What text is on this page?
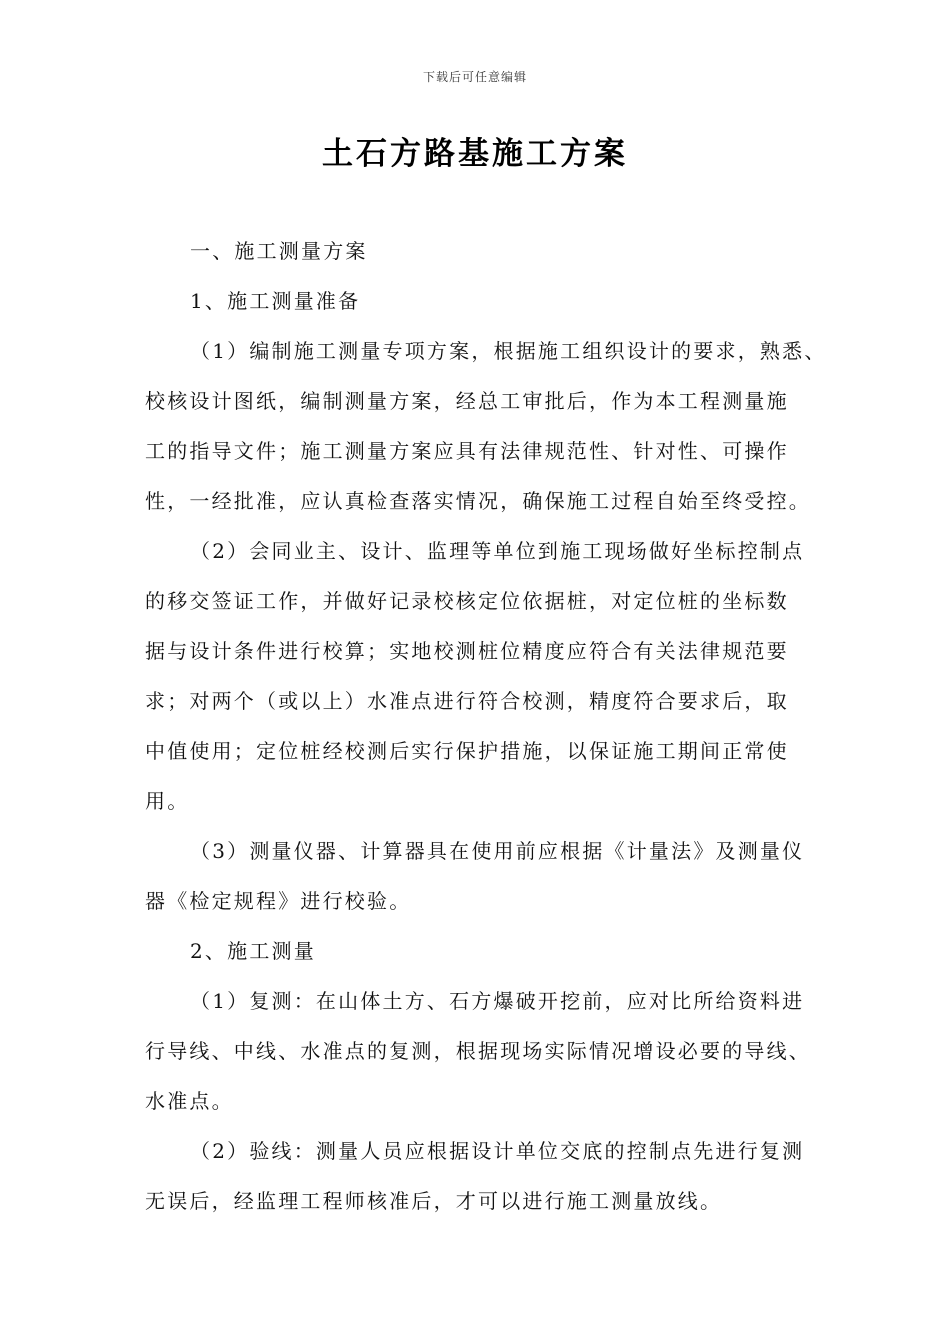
下载后可任意编辑
土石方路基施工方案
一、施工测量方案
1、施工测量准备
（1）编制施工测量专项方案，根据施工组织设计的要求，熟悉、
校核设计图纸，编制测量方案，经总工审批后，作为本工程测量施
工的指导文件；施工测量方案应具有法律规范性、针对性、可操作
性，一经批准，应认真检查落实情况，确保施工过程自始至终受控。
（2）会同业主、设计、监理等单位到施工现场做好坐标控制点
的移交签证工作，并做好记录校核定位依据桩，对定位桩的坐标数
据与设计条件进行校算；实地校测桩位精度应符合有关法律规范要
求；对两个（或以上）水准点进行符合校测，精度符合要求后，取
中值使用；定位桩经校测后实行保护措施，以保证施工期间正常使
用。
（3）测量仪器、计算器具在使用前应根据《计量法》及测量仪
器《检定规程》进行校验。
2、施工测量
（1）复测：在山体土方、石方爆破开挖前，应对比所给资料进
行导线、中线、水准点的复测，根据现场实际情况增设必要的导线、
水准点。
（2）验线：测量人员应根据设计单位交底的控制点先进行复测
无误后，经监理工程师核准后，才可以进行施工测量放线。
